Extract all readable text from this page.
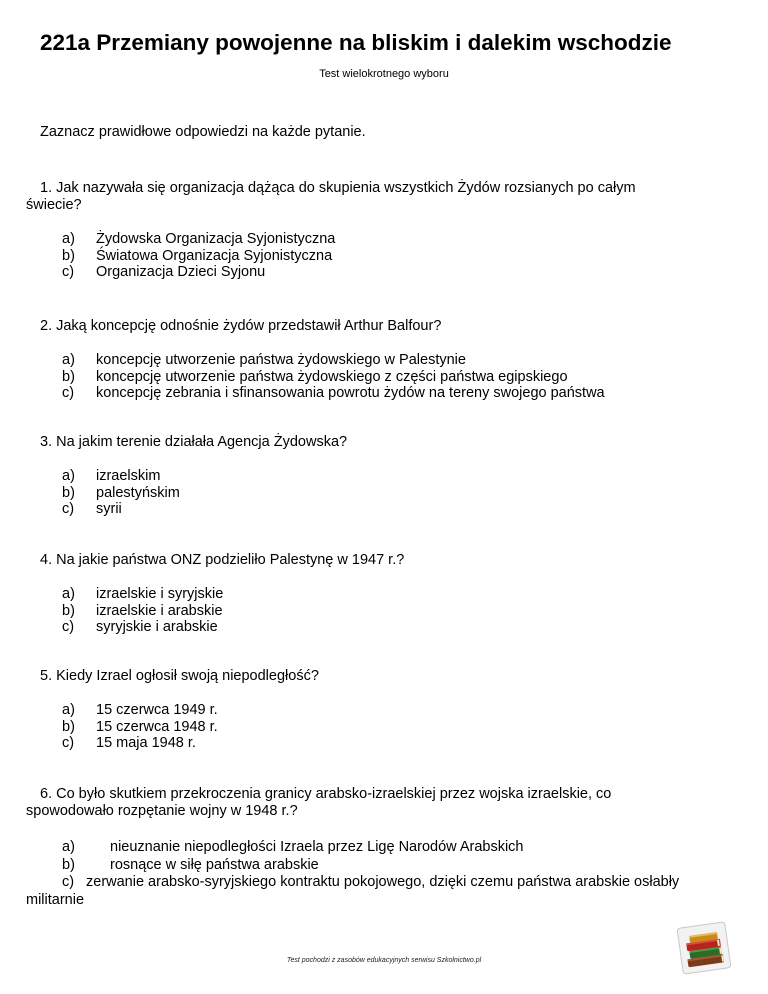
221a Przemiany powojenne na bliskim i dalekim wschodzie
Test wielokrotnego wyboru
Zaznacz prawidłowe odpowiedzi na każde pytanie.
1. Jak nazywała się organizacja dążąca do skupienia wszystkich Żydów rozsianych po całym świecie?
a)	Żydowska Organizacja Syjonistyczna
b)	Światowa Organizacja Syjonistyczna
c)	Organizacja Dzieci Syjonu
2. Jaką koncepcję odnośnie żydów przedstawił Arthur Balfour?
a)	koncepcję utworzenie państwa żydowskiego w Palestynie
b)	koncepcję utworzenie państwa żydowskiego z części państwa egipskiego
c)	koncepcję zebrania i sfinansowania powrotu żydów na tereny swojego państwa
3. Na jakim terenie działała Agencja Żydowska?
a)	izraelskim
b)	palestyńskim
c)	syrii
4. Na jakie państwa ONZ podzieliło Palestynę w 1947 r.?
a)	izraelskie i syryjskie
b)	izraelskie i arabskie
c)	syryjskie i arabskie
5. Kiedy Izrael ogłosił swoją niepodległość?
a)	15 czerwca 1949 r.
b)	15 czerwca 1948 r.
c)	15 maja 1948 r.
6. Co było skutkiem przekroczenia granicy arabsko-izraelskiej przez wojska izraelskie, co spowodowało rozpętanie wojny w 1948 r.?
a) nieuznanie niepodległości Izraela przez Ligę Narodów Arabskich
b) rosnące w siłę państwa arabskie
c) zerwanie arabsko-syryjskiego kontraktu pokojowego, dzięki czemu państwa arabskie osłabły militarnie
Test pochodzi z zasobów edukacyjnych serwisu Szkolnictwo.pl
